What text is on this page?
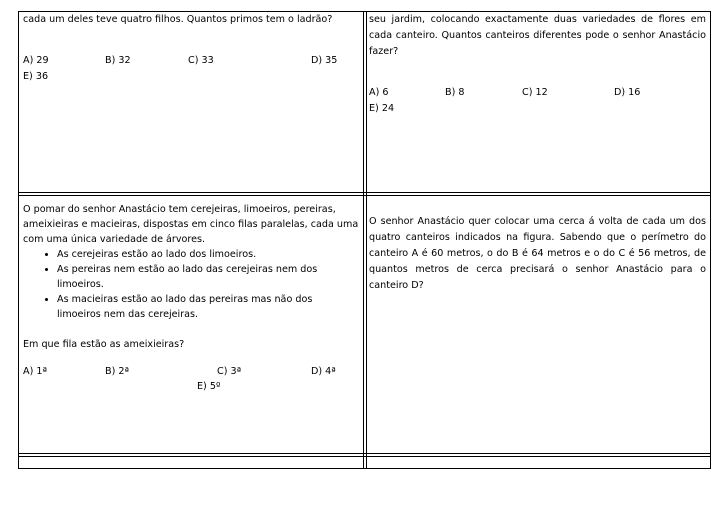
cada um deles teve quatro filhos. Quantos primos tem o ladrão?

A) 29	B) 32	C) 33	D) 35
E) 36

seu jardim, colocando exactamente duas variedades de flores em cada canteiro. Quantos canteiros diferentes pode o senhor Anastácio fazer?

A) 6	B) 8	C) 12	D) 16
E) 24

O pomar do senhor Anastácio tem cerejeiras, limoeiros, pereiras, ameixieiras e macieiras, dispostas em cinco filas paralelas, cada uma com uma única variedade de árvores.

• As cerejeiras estão ao lado dos limoeiros.
• As pereiras nem estão ao lado das cerejeiras nem dos limoeiros.
• As macieiras estão ao lado das pereiras mas não dos limoeiros nem das cerejeiras.

Em que fila estão as ameixieiras?

A) 1ª	B) 2ª	C) 3ª	D) 4ª
E) 5º

O senhor Anastácio quer colocar uma cerca á volta de cada um dos quatro canteiros indicados na figura. Sabendo que o perímetro do canteiro A é 60 metros, o do B é 64 metros e o do C é 56 metros, de quantos metros de cerca precisará o senhor Anastácio para o canteiro D?
